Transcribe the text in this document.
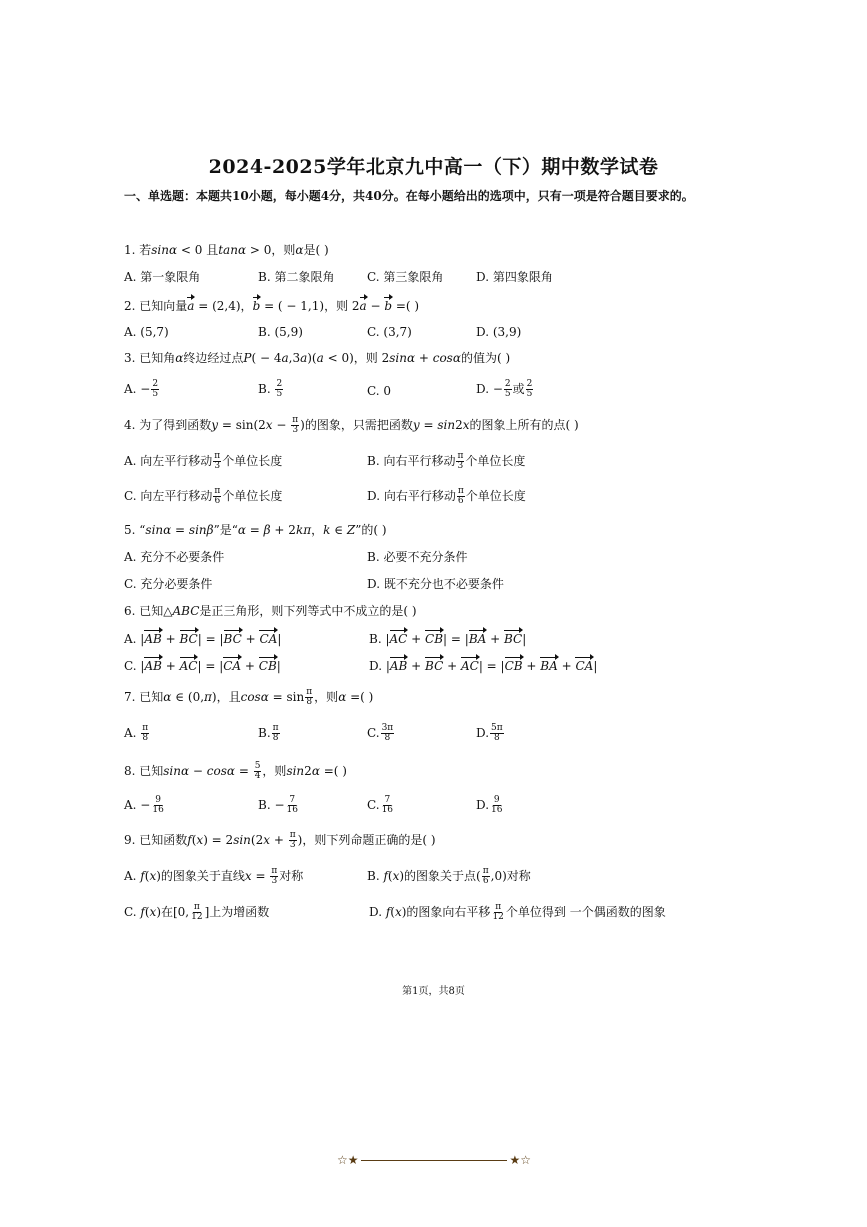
2024-2025学年北京九中高一（下）期中数学试卷
一、单选题：本题共10小题，每小题4分，共40分。在每小题给出的选项中，只有一项是符合题目要求的。
1. 若sinα < 0 且tanα > 0，则α是( )
A. 第一象限角	B. 第二象限角	C. 第三象限角	D. 第四象限角
2. 已知向量a = (2,4)，b = ( − 1,1)，则 2a − b =( )
A. (5,7)	B. (5,9)	C. (3,7)	D. (3,9)
3. 已知角α终边经过点P( − 4a,3a)(a < 0)，则 2sinα + cosα的值为( )
A. − $\frac{2}{5}$	B. $\frac{2}{5}$	C. 0	D. − $\frac{2}{5}$ 或 $\frac{2}{5}$
4. 为了得到函数$y = \sin(2x - \frac{\pi}{3}$ )的图象，只需把函数y = sin2x的图象上所有的点( )
A. 向左平行移动 $\frac{\pi}{3}$ 个单位长度	B. 向右平行移动 $\frac{\pi}{3}$ 个单位长度
C. 向左平行移动 $\frac{\pi}{6}$ 个单位长度	D. 向右平行移动 $\frac{\pi}{6}$ 个单位长度
5. “sinα = sinβ”是“α = β + 2kπ，k ∈ Z”的( )
A. 充分不必要条件	B. 必要不充分条件
C. 充分必要条件	D. 既不充分也不必要条件
6. 已知△ABC是正三角形，则下列等式中不成立的是( )
A. |AB + BC| = |BC + CA|	B. |AC + CB| = |BA + BC|
C. |AB + AC| = |CA + CB|	D. |AB + BC + AC| = |CB + BA + CA|
7. 已知α ∈ (0,π)，且$\cos\alpha = \sin \frac{\pi}{8}$ ，则α =( )
A. $\frac{\pi}{8}$	B. $\frac{\pi}{8}$	C. $\frac{3\pi}{8}$	D. $\frac{5\pi}{8}$
8. 已知$\sin\alpha - \cos\alpha = \frac{5}{4}$ ，则sin2α =( )
A. − $\frac{9}{16}$	B. − $\frac{7}{16}$	C. $\frac{7}{16}$	D. $\frac{9}{16}$
9. 已知函数$f(x) = 2\sin(2x + \frac{\pi}{3}$ )，则下列命题正确的是( )
A. f(x)的图象关于直线$x = \frac{\pi}{3}$ 对称	B. f(x)的图象关于点( $\frac{\pi}{6} ,0$)对称
C. f(x)在[0, $\frac{\pi}{12}$ ]上为增函数	D. f(x)的图象向右平移 $\frac{\pi}{12}$ 个单位得到 一个偶函数的图象
第1页，共8页
☆★	★☆
